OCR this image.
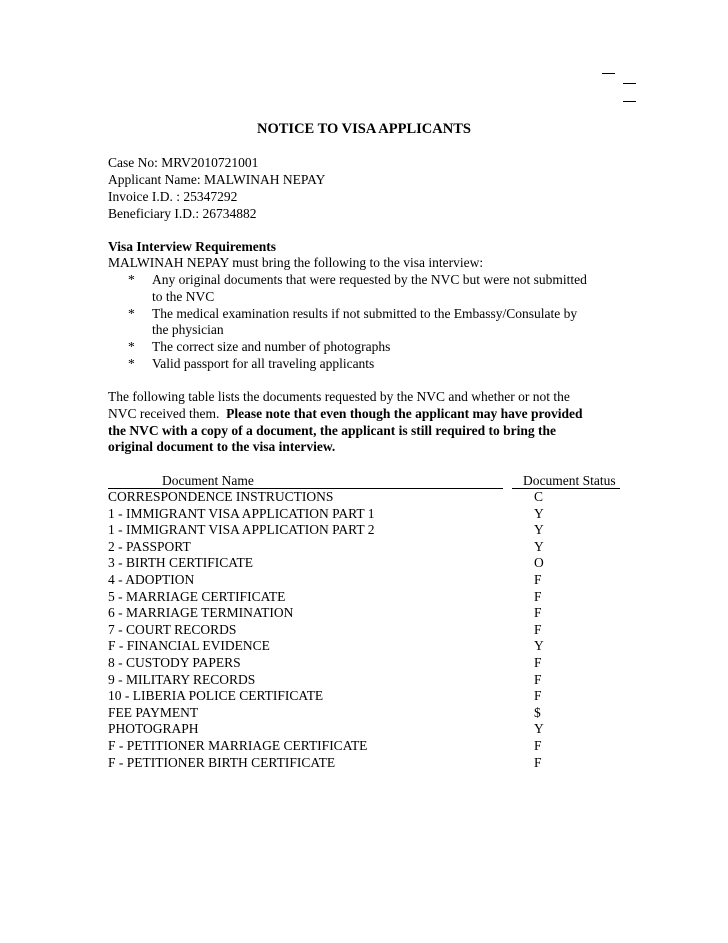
NOTICE TO VISA APPLICANTS
Case No: MRV2010721001
Applicant Name: MALWINAH NEPAY
Invoice I.D. : 25347292
Beneficiary I.D.: 26734882
Visa Interview Requirements
MALWINAH NEPAY must bring the following to the visa interview:
* Any original documents that were requested by the NVC but were not submitted
to the NVC
* The medical examination results if not submitted to the Embassy/Consulate by
the physician
* The correct size and number of photographs
* Valid passport for all traveling applicants
The following table lists the documents requested by the NVC and whether or not the
NVC received them.  Please note that even though the applicant may have provided
the NVC with a copy of a document, the applicant is still required to bring the
original document to the visa interview.
Document Name	Document Status
CORRESPONDENCE INSTRUCTIONS	C
1 - IMMIGRANT VISA APPLICATION PART 1	Y
1 - IMMIGRANT VISA APPLICATION PART 2	Y
2 - PASSPORT	Y
3 - BIRTH CERTIFICATE	O
4 - ADOPTION	F
5 - MARRIAGE CERTIFICATE	F
6 - MARRIAGE TERMINATION	F
7 - COURT RECORDS	F
F - FINANCIAL EVIDENCE	Y
8 - CUSTODY PAPERS	F
9 - MILITARY RECORDS	F
10 - LIBERIA POLICE CERTIFICATE	F
FEE PAYMENT	$
PHOTOGRAPH	Y
F - PETITIONER MARRIAGE CERTIFICATE	F
F - PETITIONER BIRTH CERTIFICATE	F
